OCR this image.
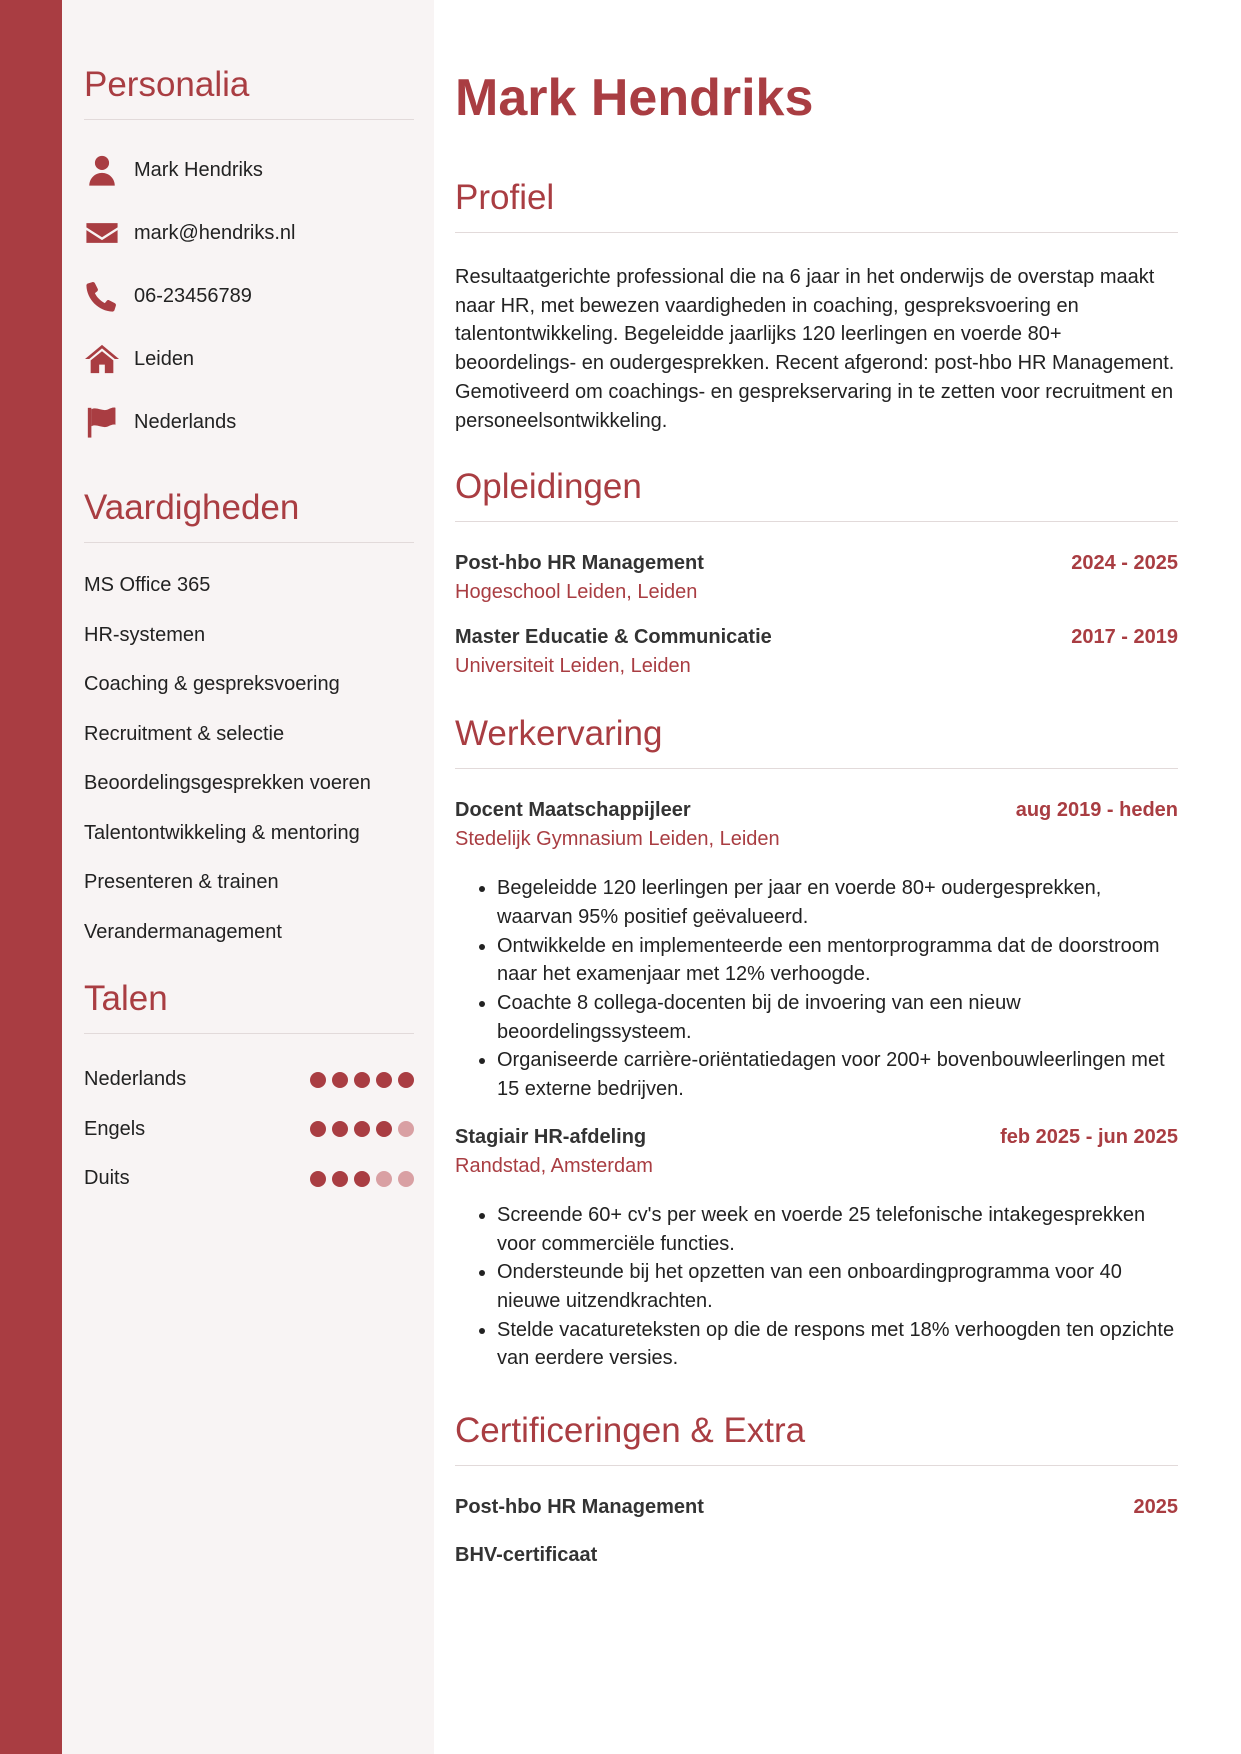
Personalia
Mark Hendriks
mark@hendriks.nl
06-23456789
Leiden
Nederlands
Vaardigheden
MS Office 365
HR-systemen
Coaching & gespreksvoering
Recruitment & selectie
Beoordelingsgesprekken voeren
Talentontwikkeling & mentoring
Presenteren & trainen
Verandermanagement
Talen
Nederlands
Engels
Duits
Mark Hendriks
Profiel

Resultaatgerichte professional die na 6 jaar in het onderwijs de overstap maakt naar HR, met bewezen vaardigheden in coaching, gespreksvoering en talentontwikkeling. Begeleidde jaarlijks 120 leerlingen en voerde 80+ beoordelings- en oudergesprekken. Recent afgerond: post-hbo HR Management. Gemotiveerd om coachings- en gesprekservaring in te zetten voor recruitment en personeelsontwikkeling.

Opleidingen
Post-hbo HR Management	2024 - 2025
Hogeschool Leiden, Leiden
Master Educatie & Communicatie	2017 - 2019
Universiteit Leiden, Leiden
Werkervaring
Docent Maatschappijleer	aug 2019 - heden
Stedelijk Gymnasium Leiden, Leiden
• Begeleidde 120 leerlingen per jaar en voerde 80+ oudergesprekken, waarvan 95% positief geëvalueerd.
• Ontwikkelde en implementeerde een mentorprogramma dat de doorstroom naar het examenjaar met 12% verhoogde.
• Coachte 8 collega-docenten bij de invoering van een nieuw beoordelingssysteem.
• Organiseerde carrière-oriëntatiedagen voor 200+ bovenbouwleerlingen met 15 externe bedrijven.
Stagiair HR-afdeling	feb 2025 - jun 2025
Randstad, Amsterdam
• Screende 60+ cv's per week en voerde 25 telefonische intakegesprekken voor commerciële functies.
• Ondersteunde bij het opzetten van een onboardingprogramma voor 40 nieuwe uitzendkrachten.
• Stelde vacatureteksten op die de respons met 18% verhoogden ten opzichte van eerdere versies.
Certificeringen & Extra
Post-hbo HR Management	2025
BHV-certificaat
